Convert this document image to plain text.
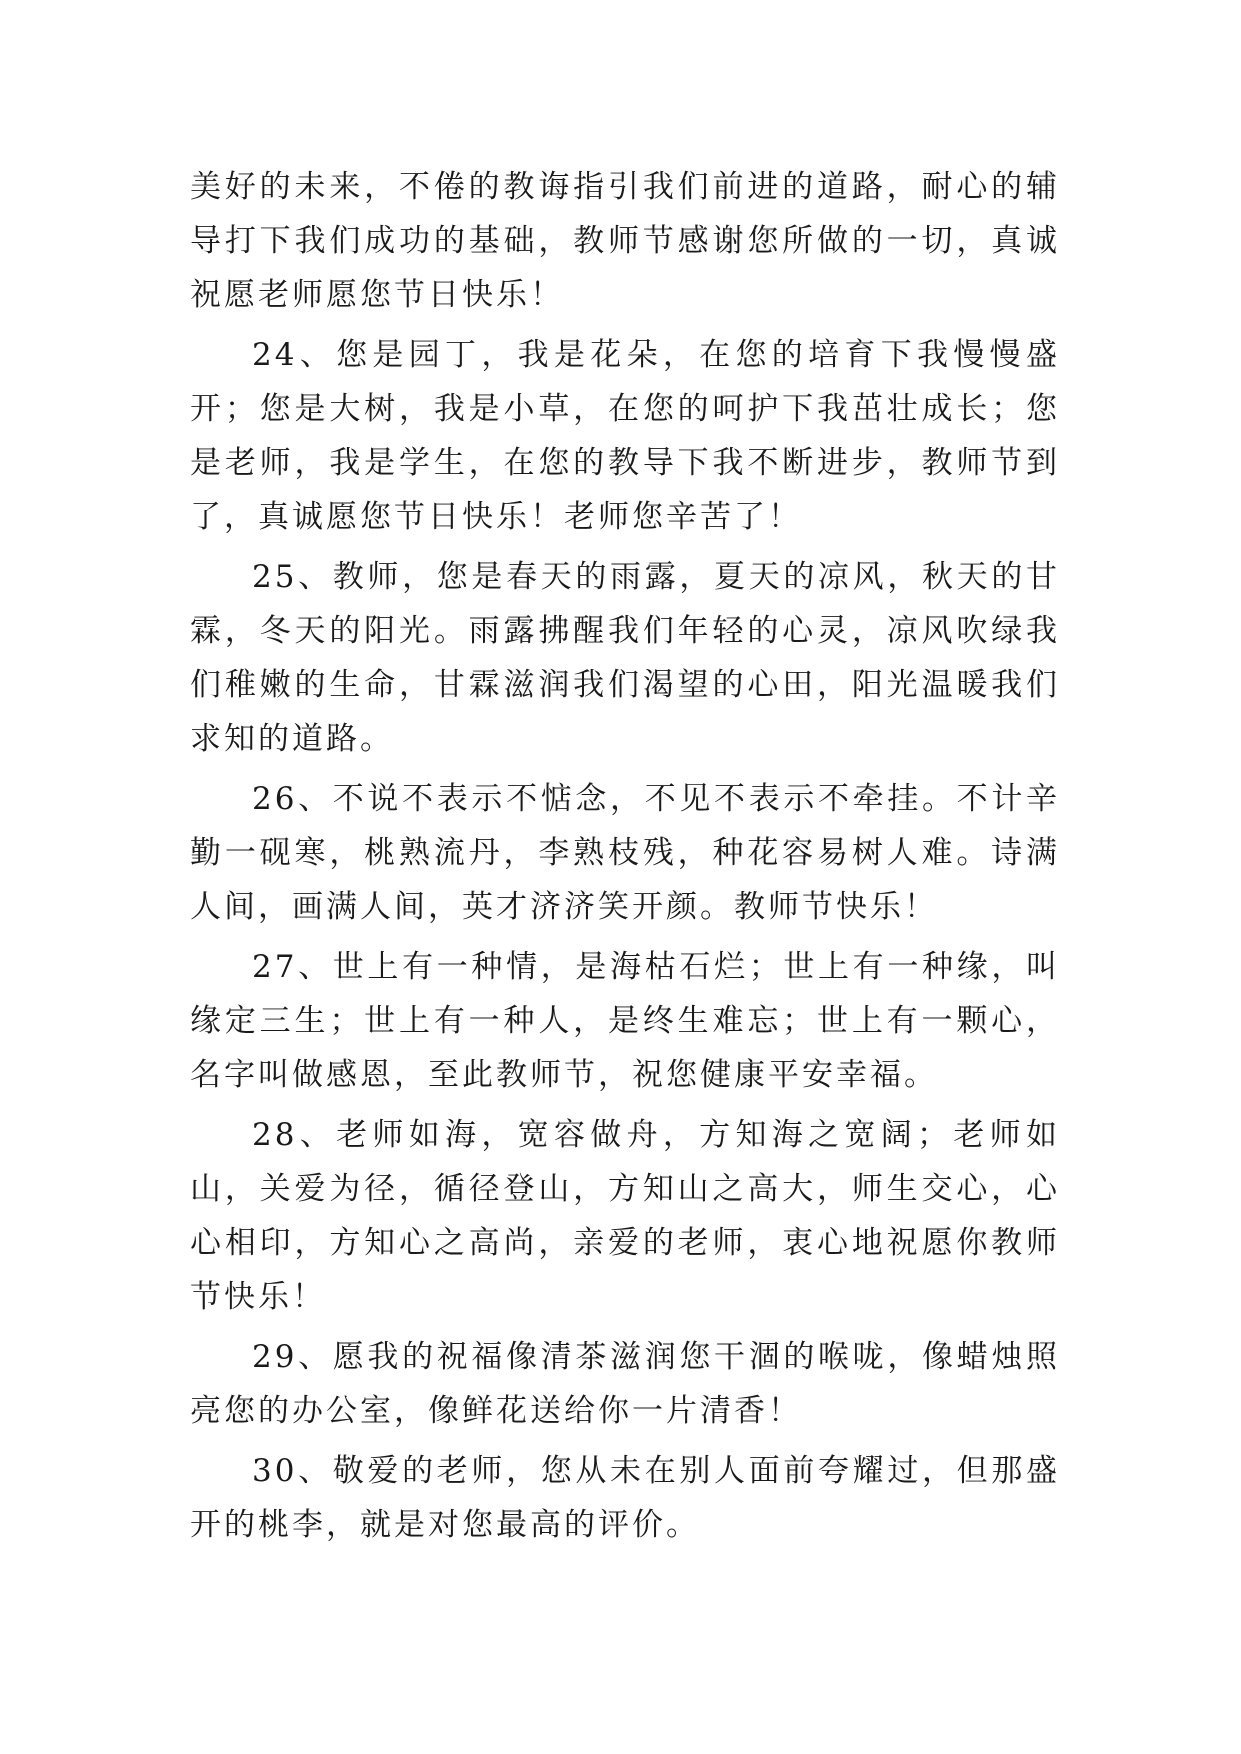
美好的未来，不倦的教诲指引我们前进的道路，耐心的辅导打下我们成功的基础，教师节感谢您所做的一切，真诚祝愿老师愿您节日快乐！

24、您是园丁，我是花朵，在您的培育下我慢慢盛开；您是大树，我是小草，在您的呵护下我茁壮成长；您是老师，我是学生，在您的教导下我不断进步，教师节到了，真诚愿您节日快乐！老师您辛苦了！

25、教师，您是春天的雨露，夏天的凉风，秋天的甘霖，冬天的阳光。雨露拂醒我们年轻的心灵，凉风吹绿我们稚嫩的生命，甘霖滋润我们渴望的心田，阳光温暖我们求知的道路。

26、不说不表示不惦念，不见不表示不牵挂。不计辛勤一砚寒，桃熟流丹，李熟枝残，种花容易树人难。诗满人间，画满人间，英才济济笑开颜。教师节快乐！

27、世上有一种情，是海枯石烂；世上有一种缘，叫缘定三生；世上有一种人，是终生难忘；世上有一颗心，名字叫做感恩，至此教师节，祝您健康平安幸福。

28、老师如海，宽容做舟，方知海之宽阔；老师如山，关爱为径，循径登山，方知山之高大，师生交心，心心相印，方知心之高尚，亲爱的老师，衷心地祝愿你教师节快乐！

29、愿我的祝福像清茶滋润您干涸的喉咙，像蜡烛照亮您的办公室，像鲜花送给你一片清香！

30、敬爱的老师，您从未在别人面前夸耀过，但那盛开的桃李，就是对您最高的评价。
